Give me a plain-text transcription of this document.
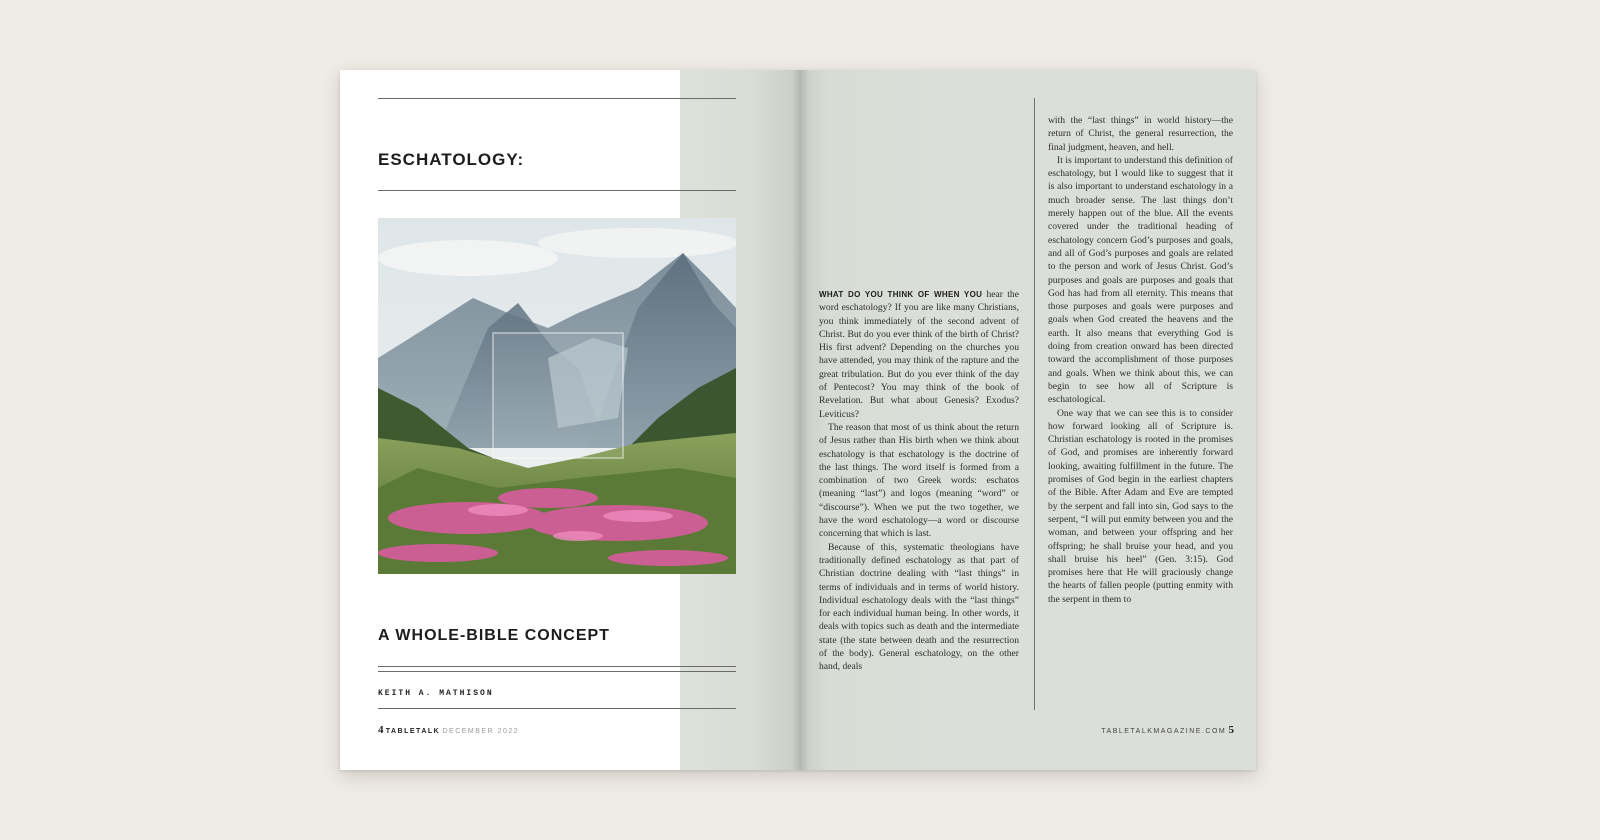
ESCHATOLOGY:
A WHOLE-BIBLE CONCEPT
KEITH A. MATHISON
4 TABLETALK DECEMBER 2022

WHAT DO YOU THINK OF WHEN YOU hear the word eschatology? If you are like many Christians, you think immediately of the second advent of Christ. But do you ever think of the birth of Christ? His first advent? Depending on the churches you have attended, you may think of the rapture and the great tribulation. But do you ever think of the day of Pentecost? You may think of the book of Revelation. But what about Genesis? Exodus? Leviticus?

The reason that most of us think about the return of Jesus rather than His birth when we think about eschatology is that eschatology is the doctrine of the last things. The word itself is formed from a combination of two Greek words: eschatos (meaning “last”) and logos (meaning “word” or “discourse”). When we put the two together, we have the word eschatology—a word or discourse concerning that which is last.

Because of this, systematic theologians have traditionally defined eschatology as that part of Christian doctrine dealing with “last things” in terms of individuals and in terms of world history. Individual eschatology deals with the “last things” for each individual human being. In other words, it deals with topics such as death and the intermediate state (the state between death and the resurrection of the body). General eschatology, on the other hand, deals

with the “last things” in world history—the return of Christ, the general resurrection, the final judgment, heaven, and hell.

It is important to understand this definition of eschatology, but I would like to suggest that it is also important to understand eschatology in a much broader sense. The last things don’t merely happen out of the blue. All the events covered under the traditional heading of eschatology concern God’s purposes and goals, and all of God’s purposes and goals are related to the person and work of Jesus Christ. God’s purposes and goals are purposes and goals that God has had from all eternity. This means that those purposes and goals were purposes and goals when God created the heavens and the earth. It also means that everything God is doing from creation onward has been directed toward the accomplishment of those purposes and goals. When we think about this, we can begin to see how all of Scripture is eschatological.

One way that we can see this is to consider how forward looking all of Scripture is. Christian eschatology is rooted in the promises of God, and promises are inherently forward looking, awaiting fulfillment in the future. The promises of God begin in the earliest chapters of the Bible. After Adam and Eve are tempted by the serpent and fall into sin, God says to the serpent, “I will put enmity between you and the woman, and between your offspring and her offspring; he shall bruise your head, and you shall bruise his heel” (Gen. 3:15). God promises here that He will graciously change the hearts of fallen people (putting enmity with the serpent in them to

TABLETALKMAGAZINE.COM 5
